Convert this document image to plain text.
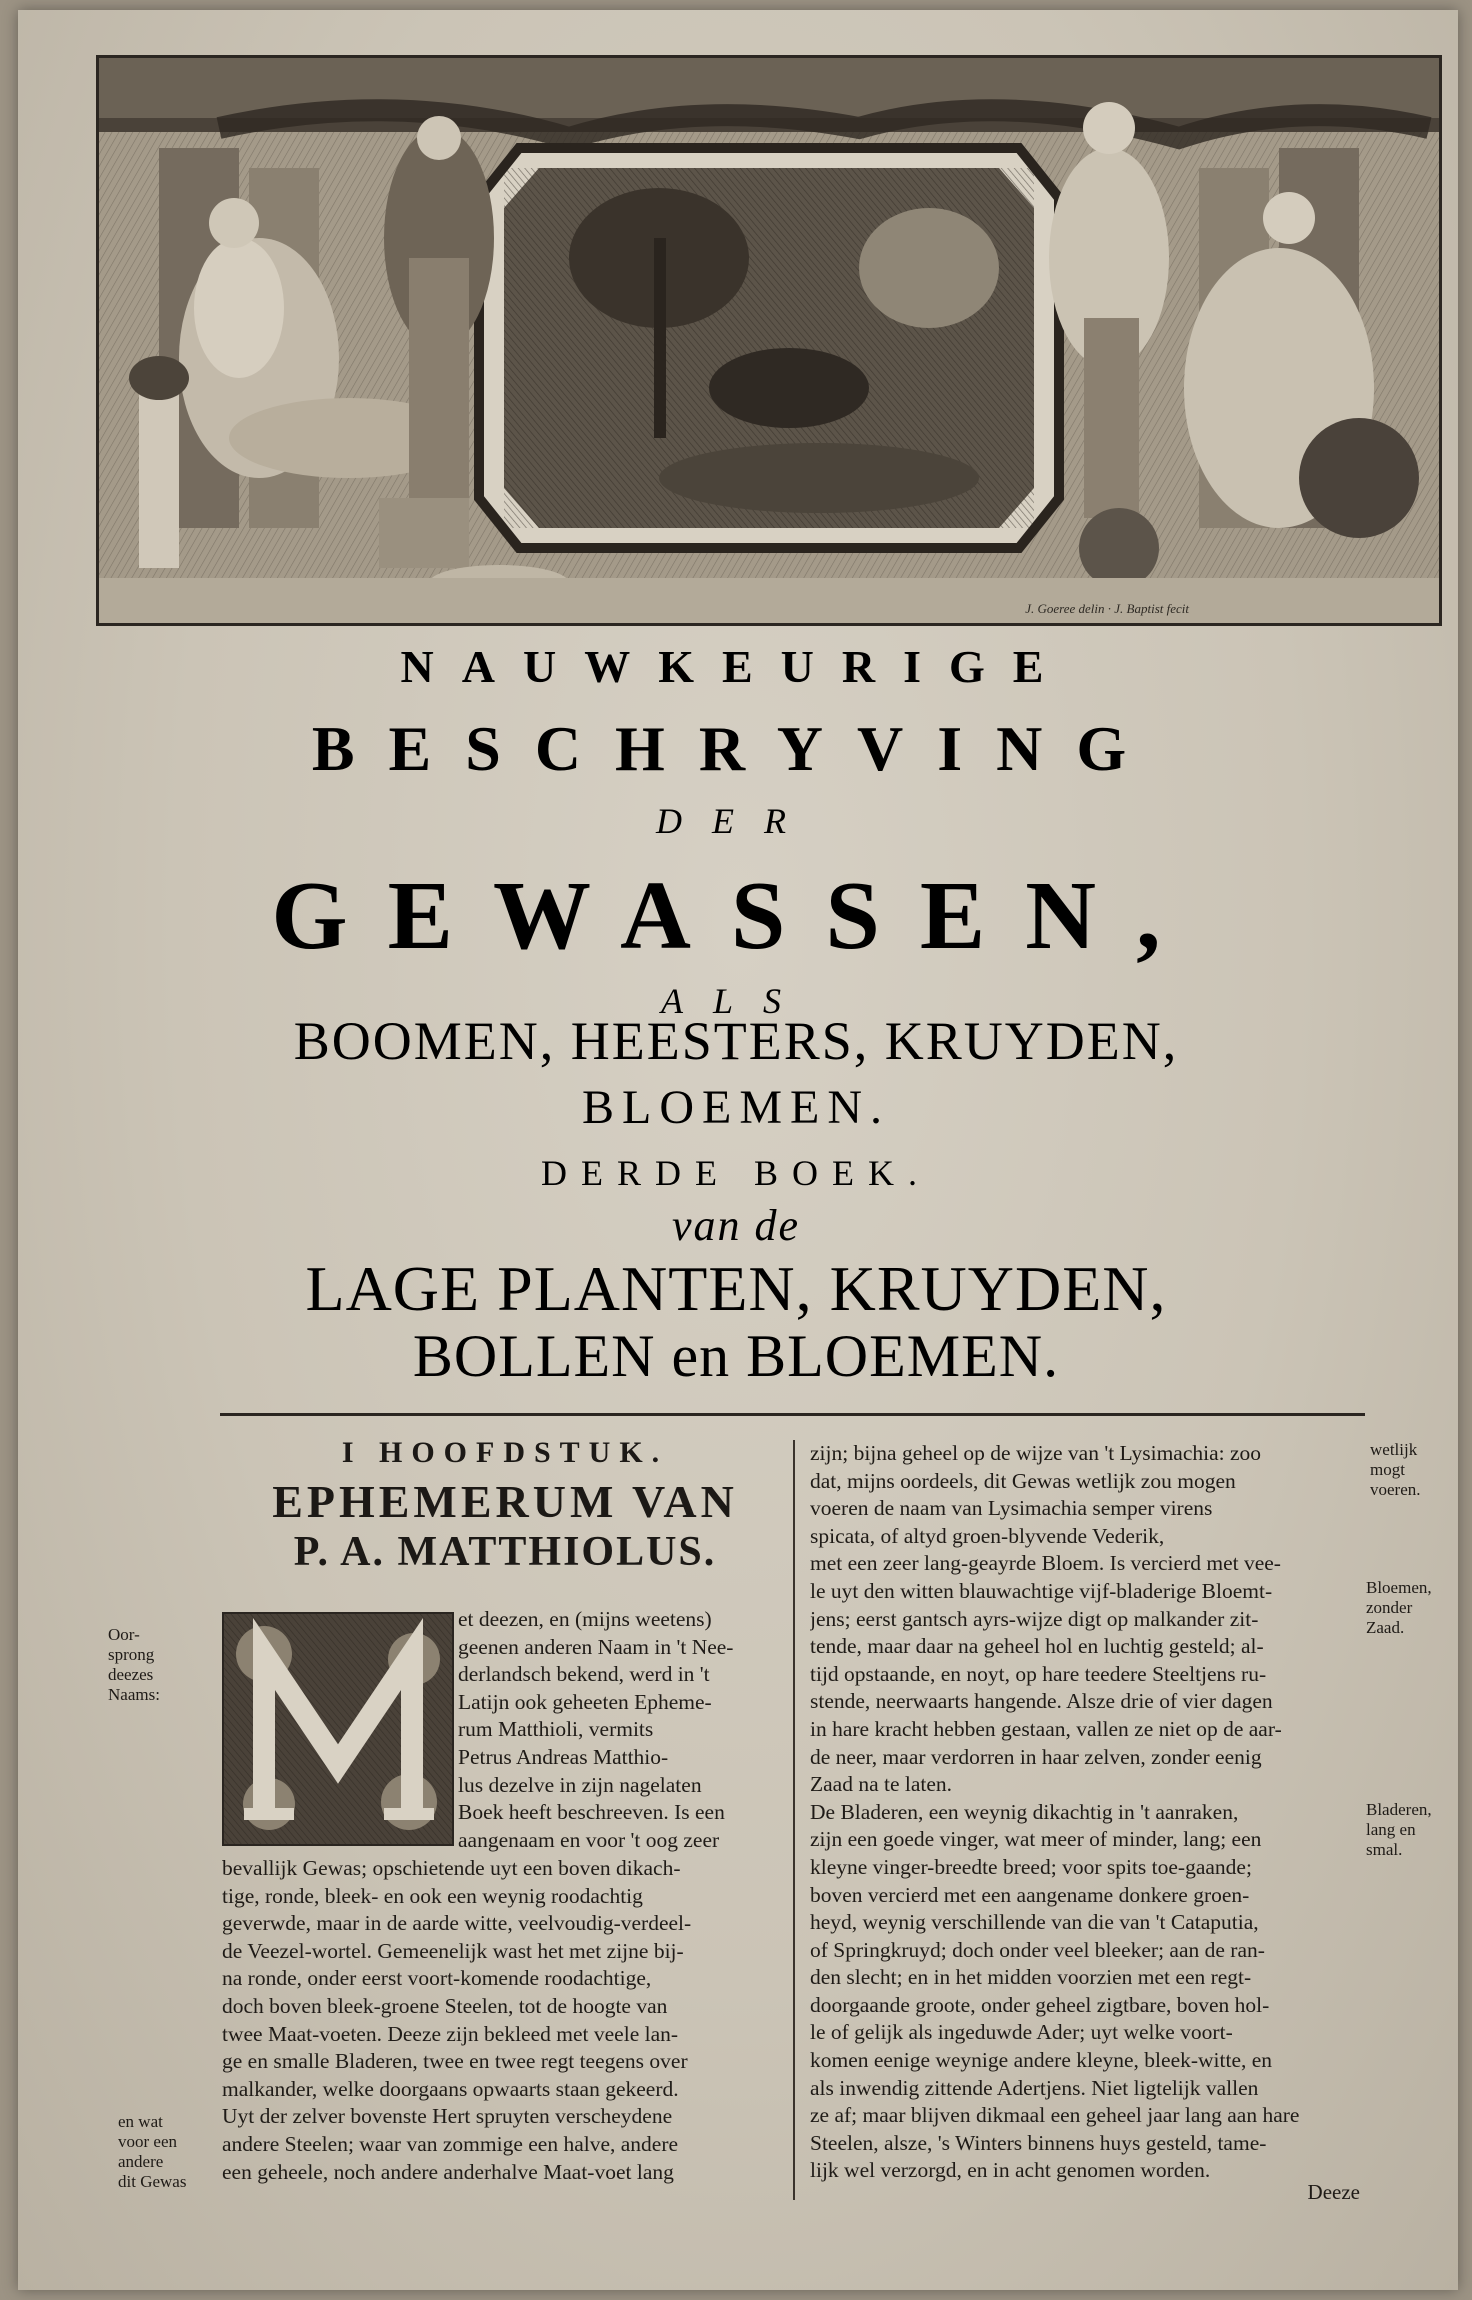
J. Goeree delin · J. Baptist fecit
NAUWKEURIGE
BESCHRYVING
DER
GEWASSEN,
ALS
BOOMEN, HEESTERS, KRUYDEN,
BLOEMEN.
DERDE BOEK.
van de
LAGE PLANTEN, KRUYDEN,
BOLLEN en BLOEMEN.
I HOOFDSTUK.
EPHEMERUM VAN
P. A. MATTHIOLUS.
et deezen, en (mijns weetens)
geenen anderen Naam in 't Nee-
derlandsch bekend, werd in 't
Latijn ook geheeten Epheme-
rum Matthioli, vermits
Petrus Andreas Matthio-
lus dezelve in zijn nagelaten
Boek heeft beschreeven. Is een
aangenaam en voor 't oog zeer
bevallijk Gewas; opschietende uyt een boven dikach-
tige, ronde, bleek- en ook een weynig roodachtig
geverwde, maar in de aarde witte, veelvoudig-verdeel-
de Veezel-wortel. Gemeenelijk wast het met zijne bij-
na ronde, onder eerst voort-komende roodachtige,
doch boven bleek-groene Steelen, tot de hoogte van
twee Maat-voeten. Deeze zijn bekleed met veele lan-
ge en smalle Bladeren, twee en twee regt teegens over
malkander, welke doorgaans opwaarts staan gekeerd.
Uyt der zelver bovenste Hert spruyten verscheydene
andere Steelen; waar van zommige een halve, andere
een geheele, noch andere anderhalve Maat-voet lang
zijn; bijna geheel op de wijze van 't Lysimachia: zoo
dat, mijns oordeels, dit Gewas wetlijk zou mogen
voeren de naam van Lysimachia semper virens
spicata, of altyd groen-blyvende Vederik,
met een zeer lang-geayrde Bloem. Is vercierd met vee-
le uyt den witten blauwachtige vijf-bladerige Bloemt-
jens; eerst gantsch ayrs-wijze digt op malkander zit-
tende, maar daar na geheel hol en luchtig gesteld; al-
tijd opstaande, en noyt, op hare teedere Steeltjens ru-
stende, neerwaarts hangende. Alsze drie of vier dagen
in hare kracht hebben gestaan, vallen ze niet op de aar-
de neer, maar verdorren in haar zelven, zonder eenig
Zaad na te laten.
De Bladeren, een weynig dikachtig in 't aanraken,
zijn een goede vinger, wat meer of minder, lang; een
kleyne vinger-breedte breed; voor spits toe-gaande;
boven vercierd met een aangename donkere groen-
heyd, weynig verschillende van die van 't Cataputia,
of Springkruyd; doch onder veel bleeker; aan de ran-
den slecht; en in het midden voorzien met een regt-
doorgaande groote, onder geheel zigtbare, boven hol-
le of gelijk als ingeduwde Ader; uyt welke voort-
komen eenige weynige andere kleyne, bleek-witte, en
als inwendig zittende Adertjens. Niet ligtelijk vallen
ze af; maar blijven dikmaal een geheel jaar lang aan hare
Steelen, alsze, 's Winters binnens huys gesteld, tame-
lijk wel verzorgd, en in acht genomen worden.
Oor-
sprong
deezes
Naams:
en wat
voor een
andere
dit Gewas
wetlijk
mogt
voeren.
Bloemen,
zonder
Zaad.
Bladeren,
lang en
smal.
Deeze
